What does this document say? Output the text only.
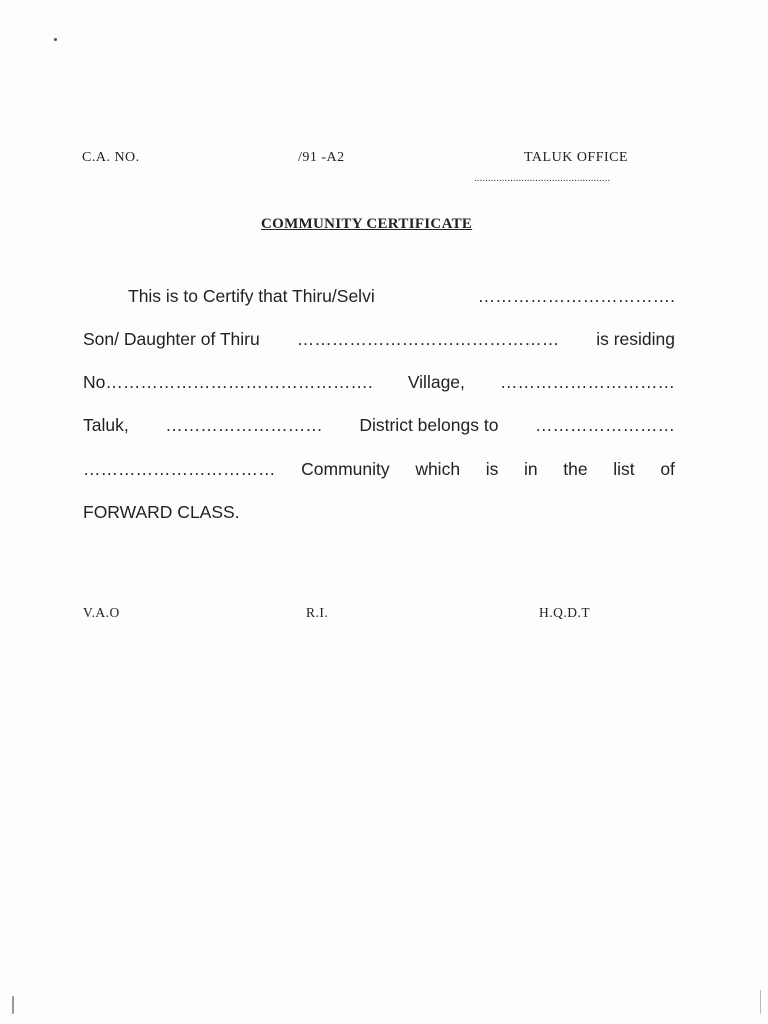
C.A. NO.	/91 -A2	TALUK OFFICE
.................................................
COMMUNITY CERTIFICATE
This is to Certify that Thiru/Selvi	…………………………….
Son/ Daughter of Thiru ……………………………………… is residing
No………………………………………. Village, …………………………
Taluk, ……………………… District belongs to ……………………
…………………………… Community which is in the list of
FORWARD CLASS.
V.A.O	R.I.	H.Q.D.T
